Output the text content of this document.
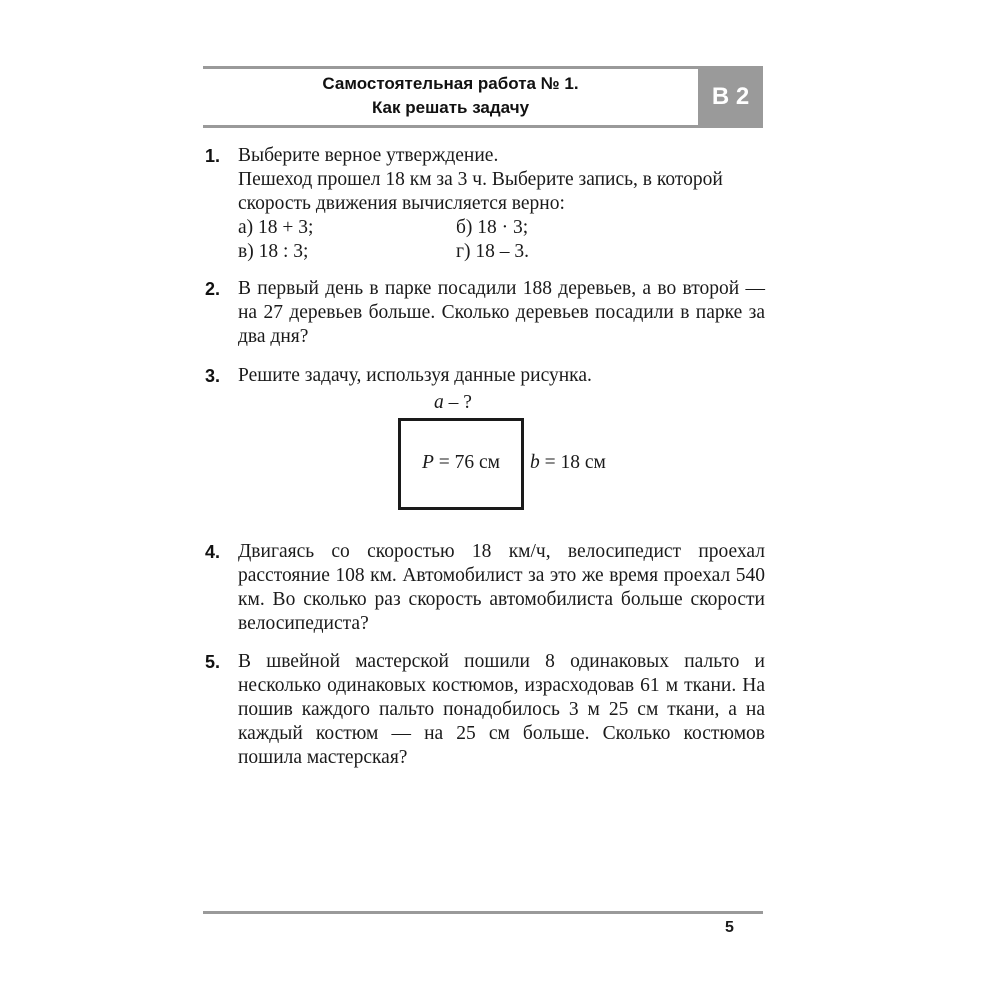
Самостоятельная работа № 1.
Как решать задачу	В 2
1. Выберите верное утверждение.

Пешеход прошел 18 км за 3 ч. Выберите запись, в которой скорость движения вычисляется верно:

а) 18 + 3;	б) 18 · 3;
в) 18 : 3;	г) 18 – 3.
2. В первый день в парке посадили 188 деревьев, а во второй — на 27 деревьев больше. Сколько деревьев посадили в парке за два дня?
3. Решите задачу, используя данные рисунка.
a – ?
P = 76 см	b = 18 см
4. Двигаясь со скоростью 18 км/ч, велосипедист проехал расстояние 108 км. Автомобилист за это же время проехал 540 км. Во сколько раз скорость автомобилиста больше скорости велосипедиста?
5. В швейной мастерской пошили 8 одинаковых пальто и несколько одинаковых костюмов, израсходовав 61 м ткани. На пошив каждого пальто понадобилось 3 м 25 см ткани, а на каждый костюм — на 25 см больше. Сколько костюмов пошила мастерская?
5
